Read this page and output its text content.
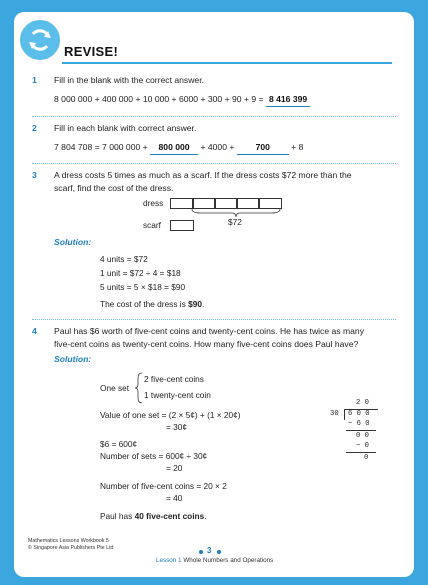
REVISE!
1 Fill in the blank with the correct answer.
8 000 000 + 400 000 + 10 000 + 6000 + 300 + 90 + 9 = 8 416 399
2 Fill in each blank with correct answer.
7 804 708 = 7 000 000 + 800 000 + 4000 + 700 + 8
3 A dress costs 5 times as much as a scarf. If the dress costs $72 more than the
scarf, find the cost of the dress.
dress
$72
scarf
Solution:
4 units = $72
1 unit = $72 ÷ 4 = $18
5 units = 5 × $18 = $90
The cost of the dress is $90.
4 Paul has $6 worth of five-cent coins and twenty-cent coins. He has twice as many
five-cent coins as twenty-cent coins. How many five-cent coins does Paul have?
Solution:
One set
2 five-cent coins
1 twenty-cent coin
Value of one set = (2 × 5¢) + (1 × 20¢)
= 30¢
$6 = 600¢
Number of sets = 600¢ ÷ 30¢
= 20
Number of five-cent coins = 20 × 2
= 40
Paul has 40 five-cent coins.
2 0
30 6 0 0
− 6 0
0 0
− 0
0
Mathematics Lessons Workbook 5
© Singapore Asia Publishers Pte Ltd	3
Lesson 1 Whole Numbers and Operations
